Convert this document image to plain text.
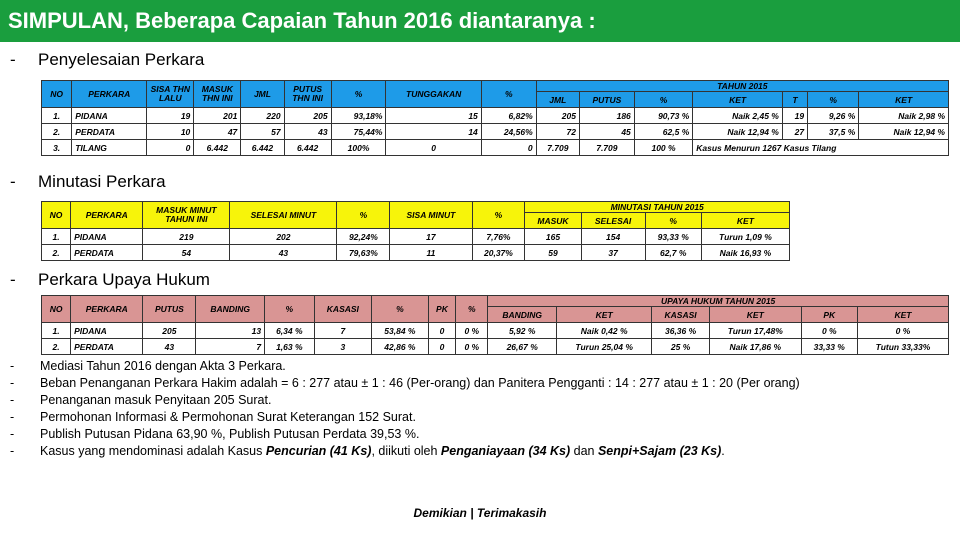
SIMPULAN, Beberapa Capaian Tahun 2016 diantaranya :
- Penyelesaian Perkara
NO	PERKARA	SISA THN LALU	MASUK THN INI	JML	PUTUS THN INI	%	TUNGGAKAN	%	TAHUN 2015						
									JML	PUTUS	%	KET	T	%	KET
1.	PIDANA	19	201	220	205	93,18%	15	6,82%	205	186	90,73 %	Naik 2,45 %	19	9,26 %	Naik 2,98 %
2.	PERDATA	10	47	57	43	75,44%	14	24,56%	72	45	62,5 %	Naik 12,94 %	27	37,5 %	Naik 12,94 %
3.	TILANG	0	6.442	6.442	6.442	100%	0	0	7.709	7.709	100 %	Kasus Menurun 1267 Kasus Tilang			
- Minutasi Perkara
NO	PERKARA	MASUK MINUT TAHUN INI	SELESAI MINUT	%	SISA MINUT	%	MINUTASI TAHUN 2015			
							MASUK	SELESAI	%	KET
1.	PIDANA	219	202	92,24%	17	7,76%	165	154	93,33 %	Turun 1,09 %
2.	PERDATA	54	43	79,63%	11	20,37%	59	37	62,7 %	Naik 16,93 %
- Perkara Upaya Hukum
NO	PERKARA	PUTUS	BANDING	%	KASASI	%	PK	%	UPAYA HUKUM TAHUN 2015					
									BANDING	KET	KASASI	KET	PK	KET
1.	PIDANA	205	13	6,34 %	7	53,84 %	0	0 %	5,92 %	Naik 0,42 %	36,36 %	Turun 17,48%	0 %	0 %
2.	PERDATA	43	7	1,63 %	3	42,86 %	0	0 %	26,67 %	Turun 25,04 %	25 %	Naik 17,86 %	33,33 %	Tutun 33,33%
-	Mediasi Tahun 2016 dengan Akta 3 Perkara.
-	Beban Penanganan Perkara Hakim adalah = 6 : 277 atau ± 1 : 46 (Per-orang) dan Panitera Pengganti : 14 : 277 atau ± 1 : 20 (Per orang)
-	Penanganan masuk Penyitaan 205 Surat.
-	Permohonan Informasi & Permohonan Surat Keterangan 152 Surat.
-	Publish Putusan Pidana 63,90 %, Publish Putusan Perdata 39,53 %.
-	Kasus yang mendominasi adalah Kasus Pencurian (41 Ks), diikuti oleh Penganiayaan (34 Ks) dan Senpi+Sajam (23 Ks).
Demikian | Terimakasih
